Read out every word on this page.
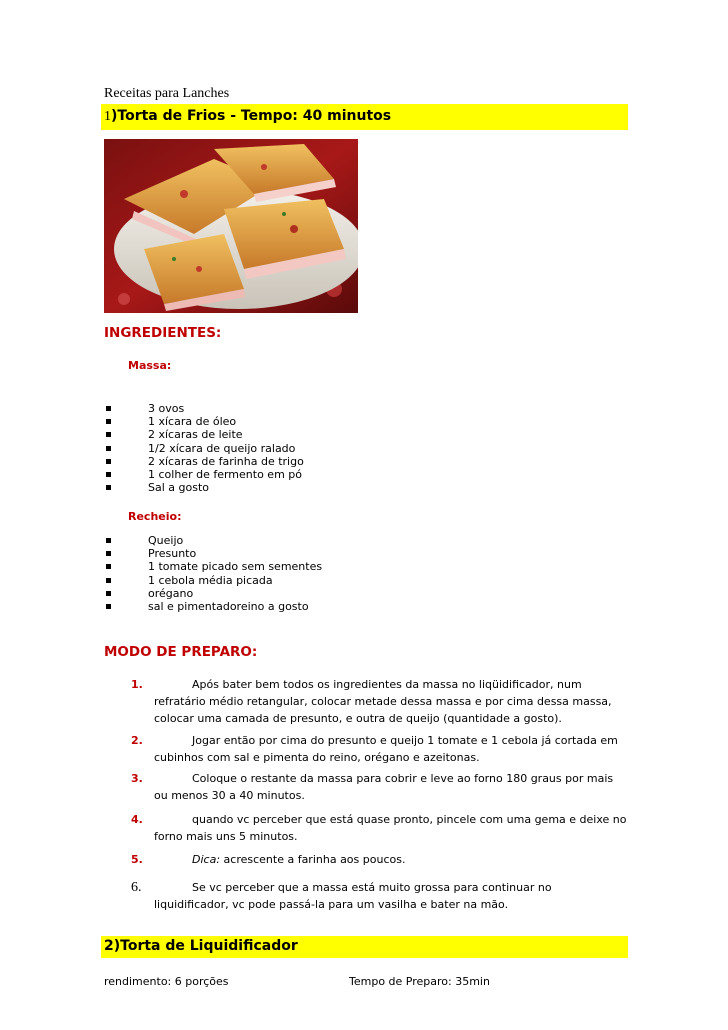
Receitas para Lanches
1)Torta de Frios - Tempo: 40 minutos
INGREDIENTES:
Massa:
3 ovos
1 xícara de óleo
2 xícaras de leite
1/2 xícara de queijo ralado
2 xícaras de farinha de trigo
1 colher de fermento em pó
Sal a gosto
Recheio:
Queijo
Presunto
1 tomate picado sem sementes
1 cebola média picada
orégano
sal e pimentadoreino a gosto
MODO DE PREPARO:
1.	Após bater bem todos os ingredientes da massa no liqüidificador, num refratário médio retangular, colocar metade dessa massa e por cima dessa massa, colocar uma camada de presunto, e outra de queijo (quantidade a gosto).
2.	Jogar então por cima do presunto e queijo 1 tomate e 1 cebola já cortada em cubinhos com sal e pimenta do reino, orégano e azeitonas.
3.	Coloque o restante da massa para cobrir e leve ao forno 180 graus por mais ou menos 30 a 40 minutos.
4.	quando vc perceber que está quase pronto, pincele com uma gema e deixe no forno mais uns 5 minutos.
5.	Dica: acrescente a farinha aos poucos.
6.	Se vc perceber que a massa está muito grossa para continuar no liquidificador, vc pode passá-la para um vasilha e bater na mão.
2)Torta de Liquidificador
rendimento: 6 porções	Tempo de Preparo: 35min
